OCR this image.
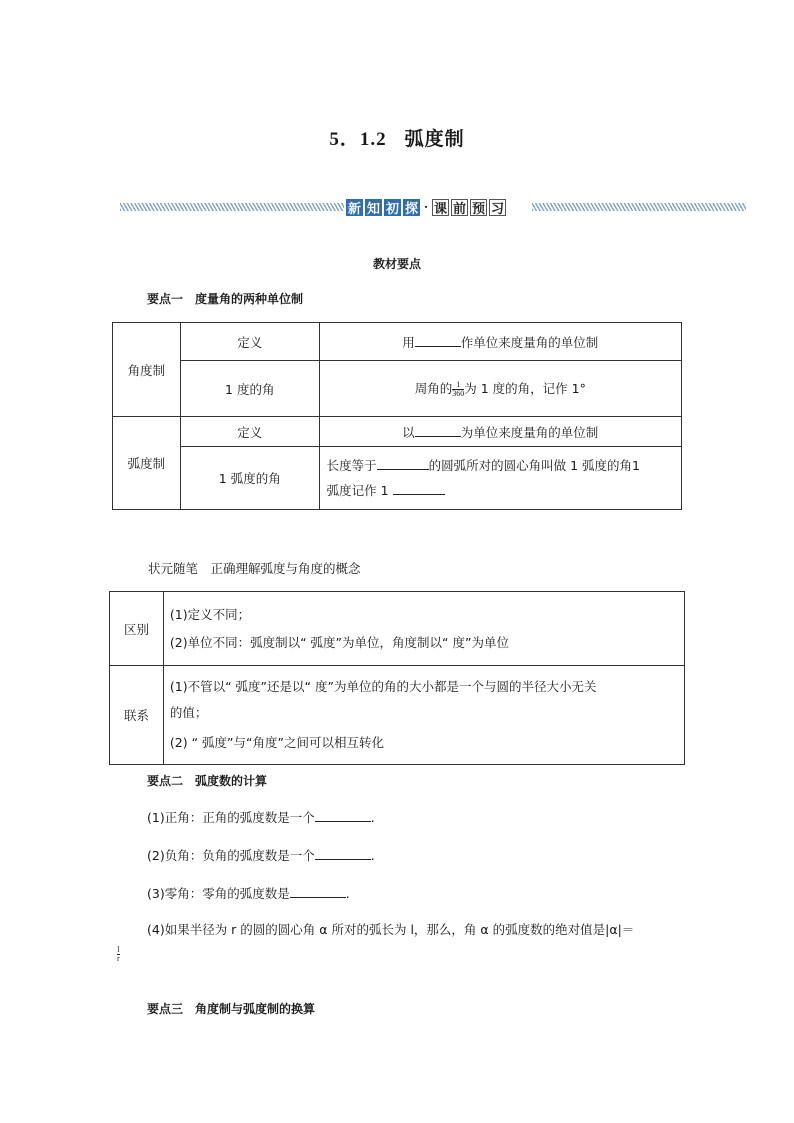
5．1.2 弧度制
新 知 初 探 · 课 前 预 习
教材要点
要点一　度量角的两种单位制
角度制	定义	用 作单位来度量角的单位制
	1 度的角	周角的 $\frac{1}{360}$ 为 1 度的角，记作 1°
弧度制	定义	以 为单位来度量角的单位制
	1 弧度的角	长度等于 的圆弧所对的圆心角叫做 1 弧度的角1
弧度记作 1
状元随笔　正确理解弧度与角度的概念
区别	(1)定义不同；
(2)单位不同：弧度制以“ 弧度”为单位，角度制以“ 度”为单位

联系	(1)不管以“ 弧度”还是以“ 度”为单位的角的大小都是一个与圆的半径大小无关
的值；
(2) “ 弧度”与“角度”之间可以相互转化
要点二　弧度数的计算
(1)正角：正角的弧度数是一个	.
(2)负角：负角的弧度数是一个	.
(3)零角：零角的弧度数是	.
(4)如果半径为 r 的圆的圆心角 α 所对的弧长为 l，那么，角 α 的弧度数的绝对值是|α|＝
$\frac{l}{r}$
要点三　角度制与弧度制的换算
